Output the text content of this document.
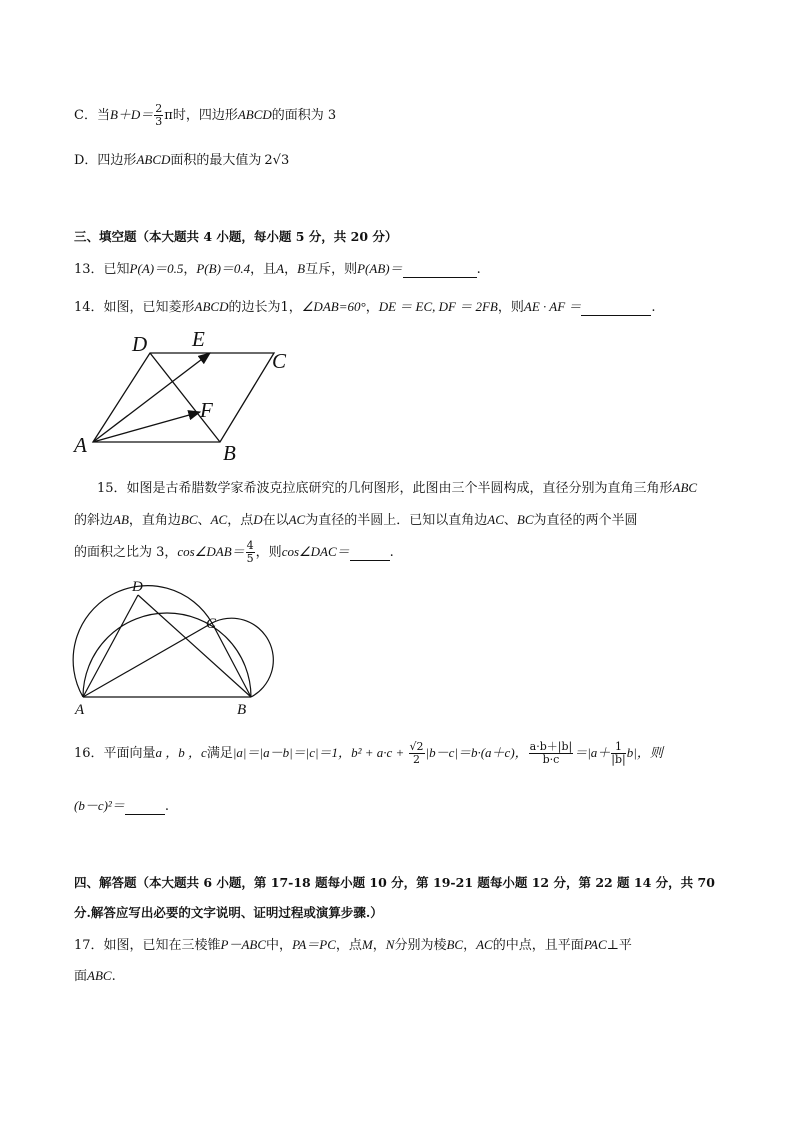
C．当$B+D= \frac{2}{3}$ π时，四边形ABCD的面积为 3
D．四边形ABCD面积的最大值为 2√3
三、填空题（本大题共 4 小题，每小题 5 分，共 20 分）
13．已知P(A)＝0.5，P(B)＝0.4，且A，B互斥，则P(AB)＝	.
14．如图，已知菱形ABCD的边长为1，∠DAB=60°，DE ＝ EC, DF ＝ 2FB，则AE · AF ＝	.
D E
C
F
A	B
15．如图是古希腊数学家希波克拉底研究的几何图形，此图由三个半圆构成，直径分别为直角三角形ABC
的斜边AB，直角边BC、AC，点D在以AC为直径的半圆上．已知以直角边AC、BC为直径的两个半圆
的面积之比为 3，cos∠DAB＝ $\frac{4}{5}$ ，则cos∠DAC＝	.
D
C
A	B
16．平面向量a ，b ，c满足|a|＝|a－b|＝|c|＝1，$b^2 + a\cdot c + \frac{√2}{2} |b-c|=b\cdot(a+c)$， $\frac{a\cdot b+|b|}{b\cdot c} =|a+ \frac{1}{|b|} b|$，则
(b－c)²＝	.
四、解答题（本大题共 6 小题，第 17-18 题每小题 10 分，第 19-21 题每小题 12 分，第 22 题 14 分，共 70
分.解答应写出必要的文字说明、证明过程或演算步骤.）
17．如图，已知在三棱锥P－ABC中，PA＝PC，点M，N分别为棱BC，AC的中点，且平面PAC⊥平
面ABC.
